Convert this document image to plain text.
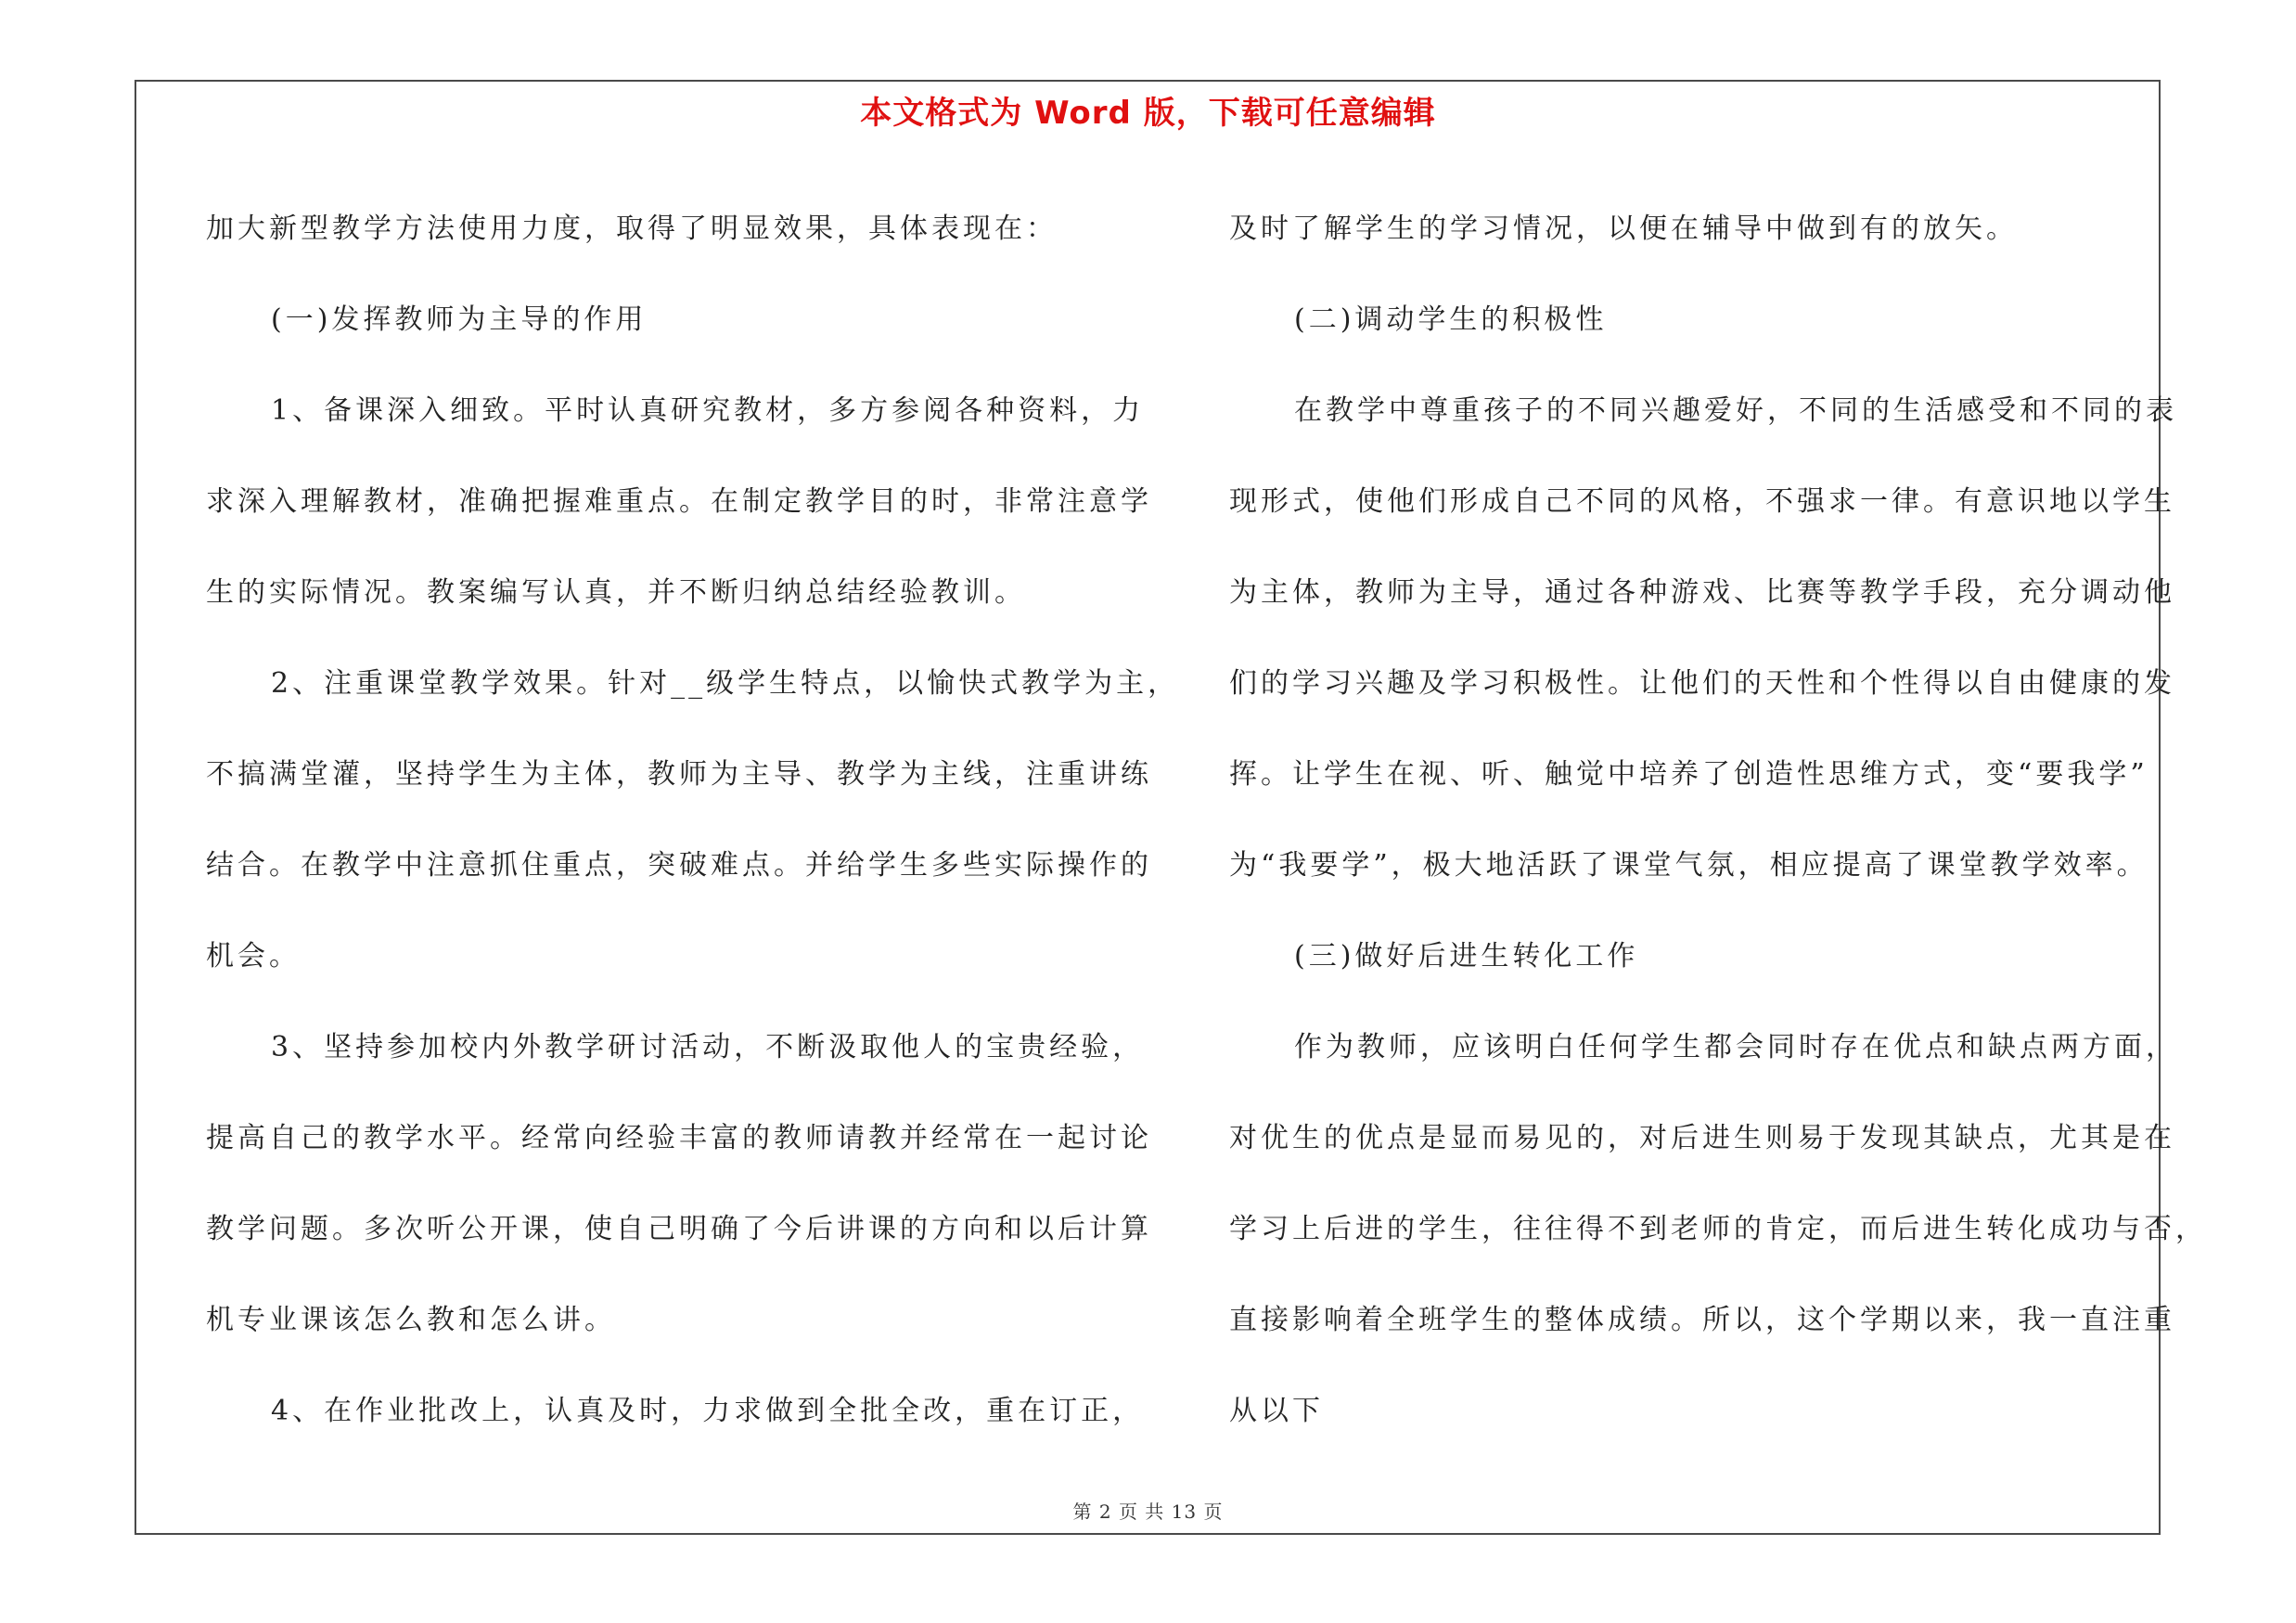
本文格式为 Word 版，下载可任意编辑
加大新型教学方法使用力度，取得了明显效果，具体表现在：
(一)发挥教师为主导的作用
1、备课深入细致。平时认真研究教材，多方参阅各种资料，力
求深入理解教材，准确把握难重点。在制定教学目的时，非常注意学
生的实际情况。教案编写认真，并不断归纳总结经验教训。
2、注重课堂教学效果。针对__级学生特点，以愉快式教学为主，
不搞满堂灌，坚持学生为主体，教师为主导、教学为主线，注重讲练
结合。在教学中注意抓住重点，突破难点。并给学生多些实际操作的
机会。
3、坚持参加校内外教学研讨活动，不断汲取他人的宝贵经验，
提高自己的教学水平。经常向经验丰富的教师请教并经常在一起讨论
教学问题。多次听公开课，使自己明确了今后讲课的方向和以后计算
机专业课该怎么教和怎么讲。
4、在作业批改上，认真及时，力求做到全批全改，重在订正，
及时了解学生的学习情况，以便在辅导中做到有的放矢。
(二)调动学生的积极性
在教学中尊重孩子的不同兴趣爱好，不同的生活感受和不同的表
现形式，使他们形成自己不同的风格，不强求一律。有意识地以学生
为主体，教师为主导，通过各种游戏、比赛等教学手段，充分调动他
们的学习兴趣及学习积极性。让他们的天性和个性得以自由健康的发
挥。让学生在视、听、触觉中培养了创造性思维方式，变“要我学”
为“我要学”，极大地活跃了课堂气氛，相应提高了课堂教学效率。
(三)做好后进生转化工作
作为教师，应该明白任何学生都会同时存在优点和缺点两方面，
对优生的优点是显而易见的，对后进生则易于发现其缺点，尤其是在
学习上后进的学生，往往得不到老师的肯定，而后进生转化成功与否，
直接影响着全班学生的整体成绩。所以，这个学期以来，我一直注重
从以下
第 2 页 共 13 页
